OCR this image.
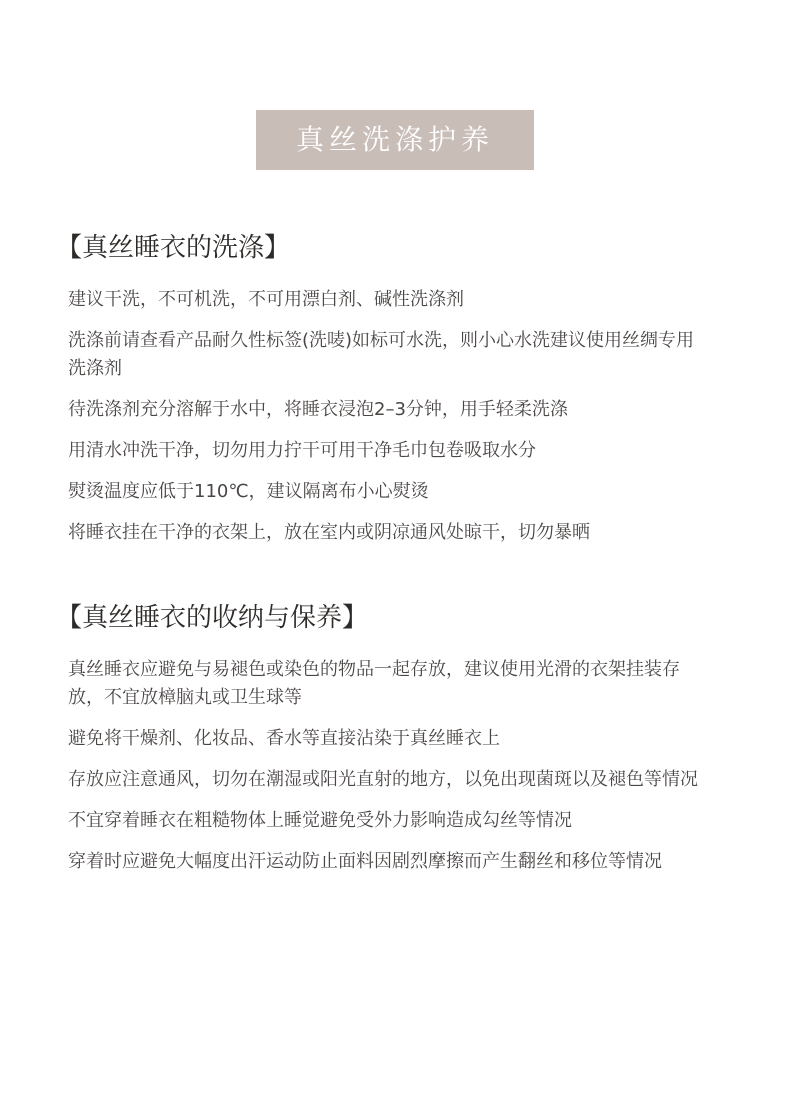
真丝洗涤护养
【真丝睡衣的洗涤】
建议干洗，不可机洗，不可用漂白剂、碱性洗涤剂
洗涤前请查看产品耐久性标签(洗唛)如标可水洗，则小心水洗建议使用丝绸专用洗涤剂
待洗涤剂充分溶解于水中，将睡衣浸泡2–3分钟，用手轻柔洗涤
用清水冲洗干净，切勿用力拧干可用干净毛巾包卷吸取水分
熨烫温度应低于110℃，建议隔离布小心熨烫
将睡衣挂在干净的衣架上，放在室内或阴凉通风处晾干，切勿暴晒
【真丝睡衣的收纳与保养】
真丝睡衣应避免与易褪色或染色的物品一起存放，建议使用光滑的衣架挂装存放，不宜放樟脑丸或卫生球等
避免将干燥剂、化妆品、香水等直接沾染于真丝睡衣上
存放应注意通风，切勿在潮湿或阳光直射的地方，以免出现菌斑以及褪色等情况
不宜穿着睡衣在粗糙物体上睡觉避免受外力影响造成勾丝等情况
穿着时应避免大幅度出汗运动防止面料因剧烈摩擦而产生翻丝和移位等情况
